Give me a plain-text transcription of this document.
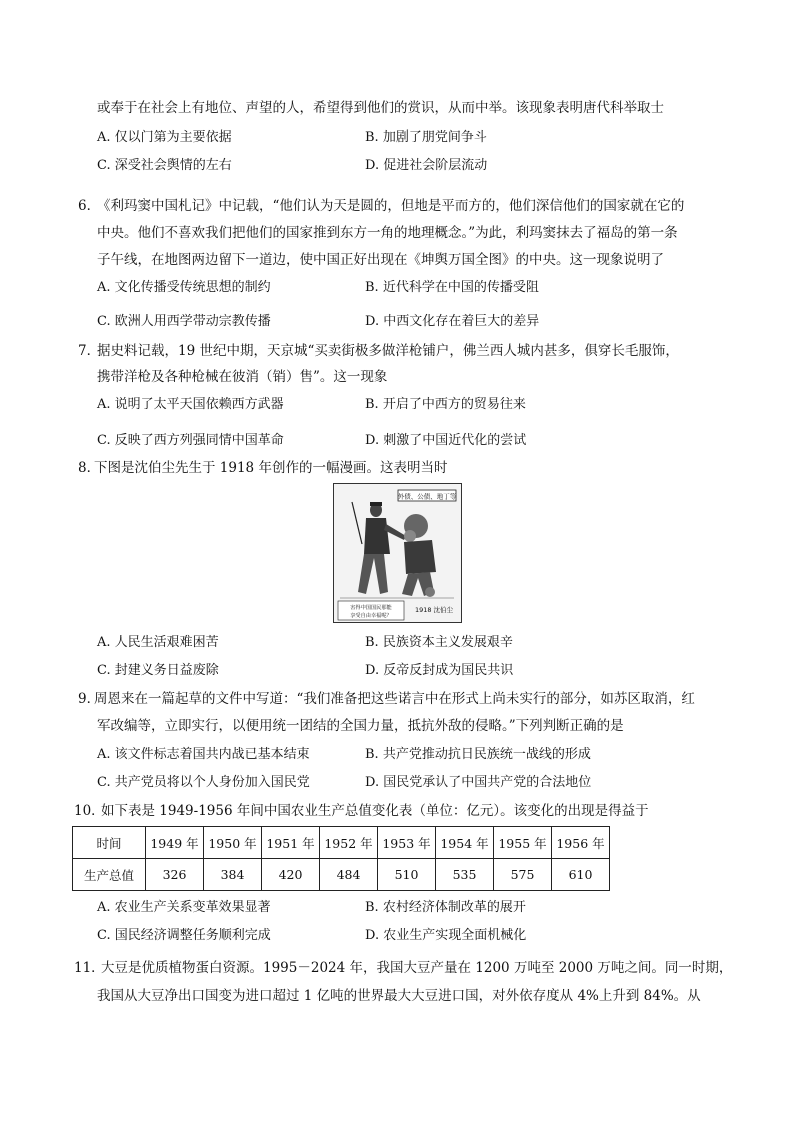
或奉于在社会上有地位、声望的人，希望得到他们的赏识，从而中举。该现象表明唐代科举取士
A. 仅以门第为主要依据	B. 加剧了朋党间争斗
C. 深受社会舆情的左右	D. 促进社会阶层流动
6．
《利玛窦中国札记》中记载，“他们认为天是圆的，但地是平而方的，他们深信他们的国家就在它的
中央。他们不喜欢我们把他们的国家推到东方一角的地理概念。”为此，利玛窦抹去了福岛的第一条
子午线，在地图两边留下一道边，使中国正好出现在《坤舆万国全图》的中央。这一现象说明了
A. 文化传播受传统思想的制约	B. 近代科学在中国的传播受阻
C. 欧洲人用西学带动宗教传播	D. 中西文化存在着巨大的差异
7．
据史料记载，19 世纪中期，天京城“买卖街极多做洋枪铺户，佛兰西人城内甚多，俱穿长毛服饰，
携带洋枪及各种枪械在彼消（销）售”。这一现象
A. 说明了太平天国依赖西方武器	B. 开启了中西方的贸易往来
C. 反映了西方列强同情中国革命	D. 刺激了中国近代化的尝试
8．
下图是沈伯尘先生于 1918 年创作的一幅漫画。这表明当时
外债、公债、地丁等
害得中国国民那能
享受自由幸福呢？
1918 沈伯尘
A. 人民生活艰难困苦	B. 民族资本主义发展艰辛
C. 封建义务日益废除	D. 反帝反封成为国民共识
9．
周恩来在一篇起草的文件中写道：“我们准备把这些诺言中在形式上尚未实行的部分，如苏区取消，红
军改编等，立即实行，以便用统一团结的全国力量，抵抗外敌的侵略。”下列判断正确的是
A. 该文件标志着国共内战已基本结束	B. 共产党推动抗日民族统一战线的形成
C. 共产党员将以个人身份加入国民党	D. 国民党承认了中国共产党的合法地位
10．
如下表是 1949-1956 年间中国农业生产总值变化表（单位：亿元）。该变化的出现是得益于
时间	1949 年	1950 年	1951 年	1952 年	1953 年	1954 年	1955 年	1956 年
生产总值	326	384	420	484	510	535	575	610
A. 农业生产关系变革效果显著	B. 农村经济体制改革的展开
C. 国民经济调整任务顺利完成	D. 农业生产实现全面机械化
11．
大豆是优质植物蛋白资源。1995－2024 年，我国大豆产量在 1200 万吨至 2000 万吨之间。同一时期，
我国从大豆净出口国变为进口超过 1 亿吨的世界最大大豆进口国，对外依存度从 4%上升到 84%。从
